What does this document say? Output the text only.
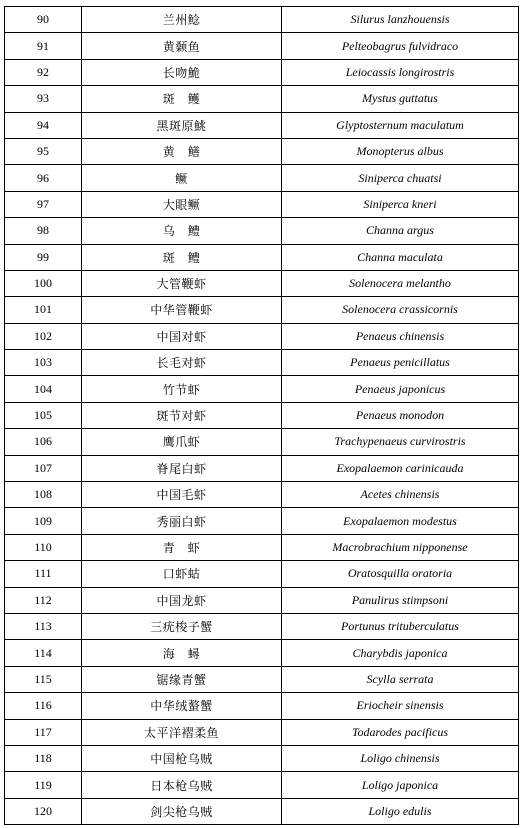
90	兰州鲶	Silurus lanzhouensis
91	黄颡鱼	Pelteobagrus fulvidraco
92	长吻鮠	Leiocassis longirostris
93	斑　鳠	Mystus guttatus
94	黑斑原鮡	Glyptosternum maculatum
95	黄　鳝	Monopterus albus
96	鳜	Siniperca chuatsi
97	大眼鳜	Siniperca kneri
98	乌　鳢	Channa argus
99	斑　鳢	Channa maculata
100	大管鞭虾	Solenocera melantho
101	中华管鞭虾	Solenocera crassicornis
102	中国对虾	Penaeus chinensis
103	长毛对虾	Penaeus penicillatus
104	竹节虾	Penaeus japonicus
105	斑节对虾	Penaeus monodon
106	鹰爪虾	Trachypenaeus curvirostris
107	脊尾白虾	Exopalaemon carinicauda
108	中国毛虾	Acetes chinensis
109	秀丽白虾	Exopalaemon modestus
110	青　虾	Macrobrachium nipponense
111	口虾蛄	Oratosquilla oratoria
112	中国龙虾	Panulirus stimpsoni
113	三疣梭子蟹	Portunus trituberculatus
114	海　蟳	Charybdis japonica
115	锯缘青蟹	Scylla serrata
116	中华绒螯蟹	Eriocheir sinensis
117	太平洋褶柔鱼	Todarodes pacificus
118	中国枪乌贼	Loligo chinensis
119	日本枪乌贼	Loligo japonica
120	剑尖枪乌贼	Loligo edulis
